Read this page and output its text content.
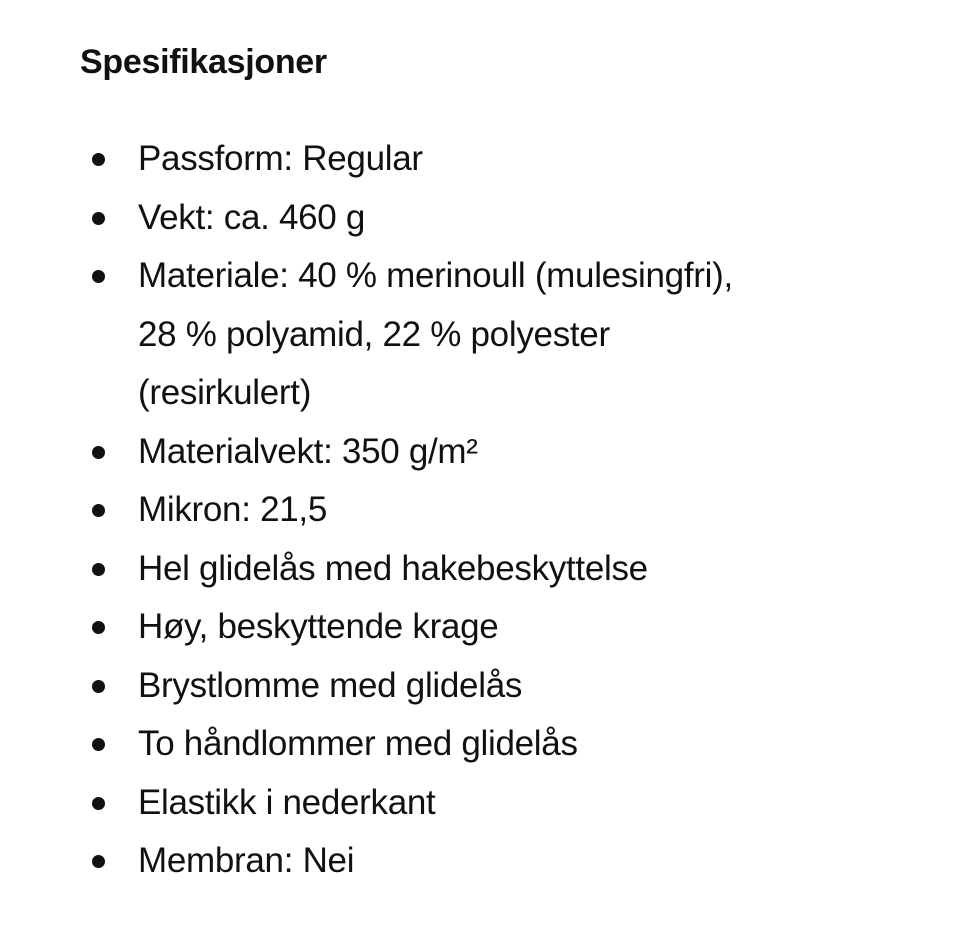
Spesifikasjoner
Passform: Regular
Vekt: ca. 460 g
Materiale: 40 % merinoull (mulesingfri),
28 % polyamid, 22 % polyester
(resirkulert)
Materialvekt: 350 g/m²
Mikron: 21,5
Hel glidelås med hakebeskyttelse
Høy, beskyttende krage
Brystlomme med glidelås
To håndlommer med glidelås
Elastikk i nederkant
Membran: Nei
